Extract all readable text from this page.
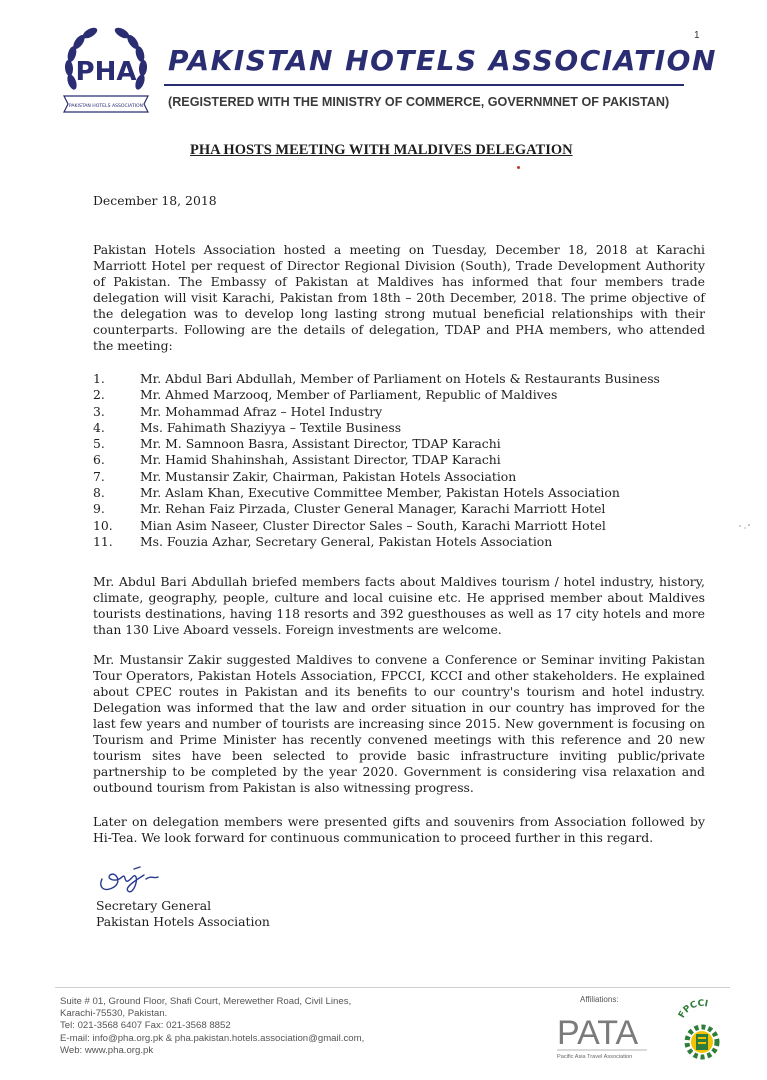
1
PHA
PAKISTAN HOTELS ASSOCIATION
PAKISTAN HOTELS ASSOCIATION
(REGISTERED WITH THE MINISTRY OF COMMERCE, GOVERNMNET OF PAKISTAN)
PHA HOSTS MEETING WITH MALDIVES DELEGATION
December 18, 2018
Pakistan Hotels Association hosted a meeting on Tuesday, December 18, 2018 at Karachi Marriott Hotel per request of Director Regional Division (South), Trade Development Authority of Pakistan. The Embassy of Pakistan at Maldives has informed that four members trade delegation will visit Karachi, Pakistan from 18th – 20th December, 2018. The prime objective of the delegation was to develop long lasting strong mutual beneficial relationships with their counterparts. Following are the details of delegation, TDAP and PHA members, who attended the meeting:
1.	Mr. Abdul Bari Abdullah, Member of Parliament on Hotels & Restaurants Business
2.	Mr. Ahmed Marzooq, Member of Parliament, Republic of Maldives
3.	Mr. Mohammad Afraz – Hotel Industry
4.	Ms. Fahimath Shaziyya – Textile Business
5.	Mr. M. Samnoon Basra, Assistant Director, TDAP Karachi
6.	Mr. Hamid Shahinshah, Assistant Director, TDAP Karachi
7.	Mr. Mustansir Zakir, Chairman, Pakistan Hotels Association
8.	Mr. Aslam Khan, Executive Committee Member, Pakistan Hotels Association
9.	Mr. Rehan Faiz Pirzada, Cluster General Manager, Karachi Marriott Hotel
10.	Mian Asim Naseer, Cluster Director Sales – South, Karachi Marriott Hotel
11.	Ms. Fouzia Azhar, Secretary General, Pakistan Hotels Association
Mr. Abdul Bari Abdullah briefed members facts about Maldives tourism / hotel industry, history, climate, geography, people, culture and local cuisine etc. He apprised member about Maldives tourists destinations, having 118 resorts and 392 guesthouses as well as 17 city hotels and more than 130 Live Aboard vessels. Foreign investments are welcome.
Mr. Mustansir Zakir suggested Maldives to convene a Conference or Seminar inviting Pakistan Tour Operators, Pakistan Hotels Association, FPCCI, KCCI and other stakeholders. He explained about CPEC routes in Pakistan and its benefits to our country's tourism and hotel industry. Delegation was informed that the law and order situation in our country has improved for the last few years and number of tourists are increasing since 2015. New government is focusing on Tourism and Prime Minister has recently convened meetings with this reference and 20 new tourism sites have been selected to provide basic infrastructure inviting public/private partnership to be completed by the year 2020. Government is considering visa relaxation and outbound tourism from Pakistan is also witnessing progress.
Later on delegation members were presented gifts and souvenirs from Association followed by Hi-Tea. We look forward for continuous communication to proceed further in this regard.
Secretary General
Pakistan Hotels Association
Suite # 01, Ground Floor, Shafi Court, Merewether Road, Civil Lines,
Karachi-75530, Pakistan.
Tel: 021-3568 6407 Fax: 021-3568 8852
E-mail: info@pha.org.pk & pha.pakistan.hotels.association@gmail.com,
Web: www.pha.org.pk
Affiliations:
PATA
Pacific Asia Travel Association
FPCCI
